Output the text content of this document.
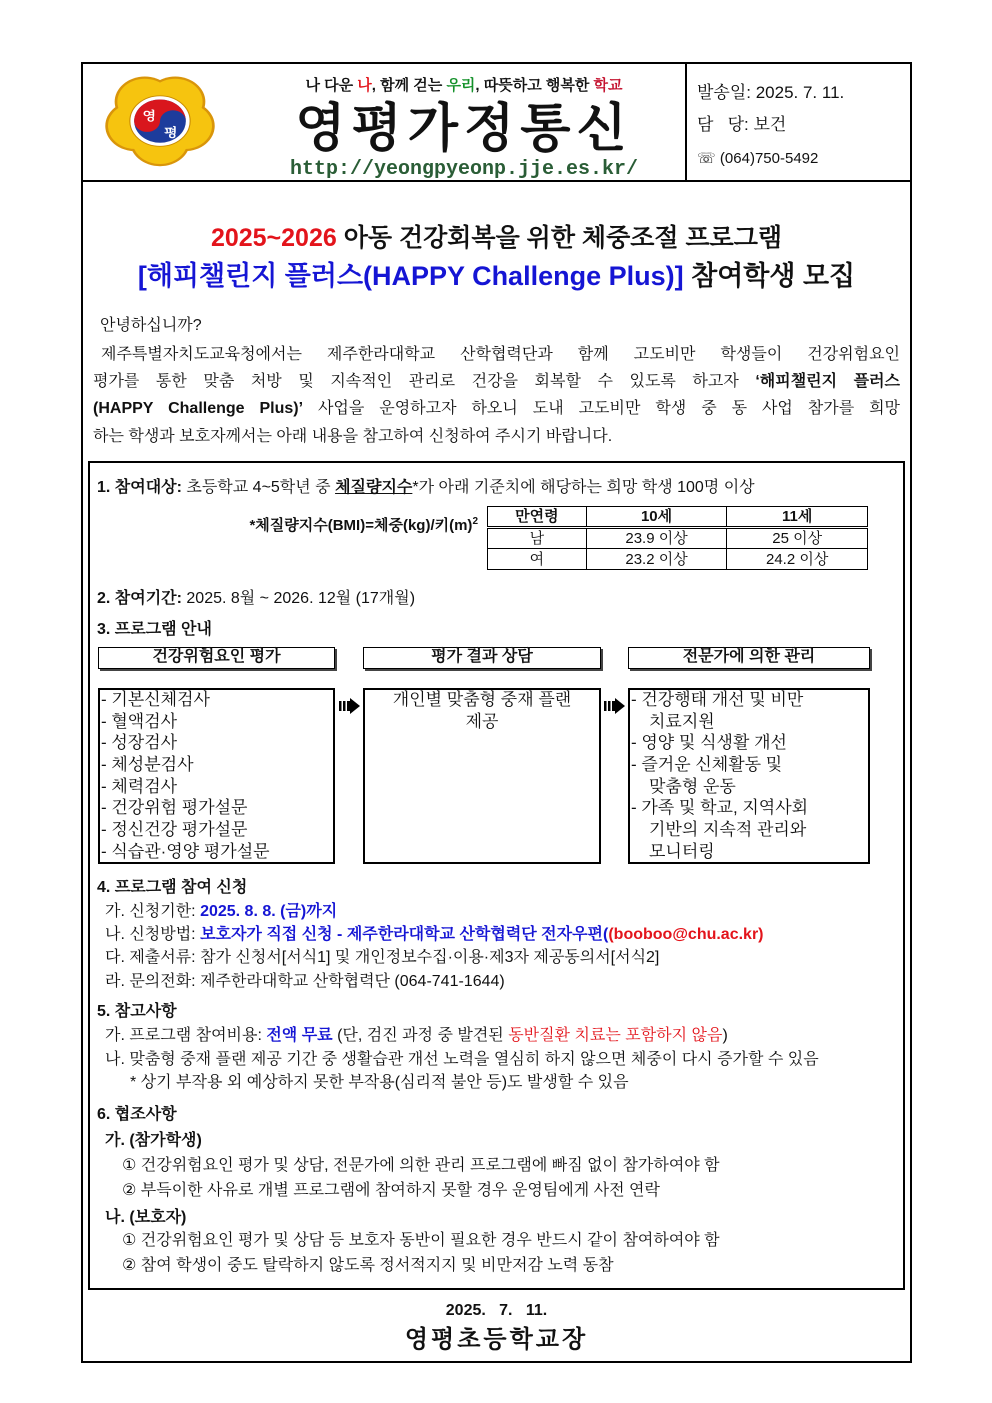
영
평
나 다운 나, 함께 걷는 우리, 따뜻하고 행복한 학교
영평가정통신
http://yeongpyeonp.jje.es.kr/
발송일: 2025. 7. 11.
담   당: 보건
☏ (064)750-5492
2025~2026 아동 건강회복을 위한 체중조절 프로그램
[해피챌린지 플러스(HAPPY Challenge Plus)] 참여학생 모집
안녕하십니까?
제주특별자치도교육청에서는 제주한라대학교 산학협력단과 함께 고도비만 학생들이 건강위험요인
평가를 통한 맞춤 처방 및 지속적인 관리로 건강을 회복할 수 있도록 하고자 ‘해피챌린지 플러스
(HAPPY Challenge Plus)’ 사업을 운영하고자 하오니 도내 고도비만 학생 중 동 사업 참가를 희망
하는 학생과 보호자께서는 아래 내용을 참고하여 신청하여 주시기 바랍니다.
1. 참여대상: 초등학교 4~5학년 중 체질량지수*가 아래 기준치에 해당하는 희망 학생 100명 이상
*체질량지수(BMI)=체중(kg)/키$(m)^2$ 만연령	10세	11세
남	23.9 이상	25 이상
여	23.2 이상	24.2 이상
2. 참여기간: 2025. 8월 ~ 2026. 12월 (17개월)
3. 프로그램 안내
건강위험요인 평가	평가 결과 상담	전문가에 의한 관리
- 기본신체검사
- 혈액검사
- 성장검사
- 체성분검사
- 체력검사
- 건강위험 평가설문
- 정신건강 평가설문
- 식습관·영양 평가설문
개인별 맞춤형 중재 플랜
제공
- 건강행태 개선 및 비만
치료지원
- 영양 및 식생활 개선
- 즐거운 신체활동 및
맞춤형 운동
- 가족 및 학교, 지역사회
기반의 지속적 관리와
모니터링
4. 프로그램 참여 신청
가. 신청기한: 2025. 8. 8. (금)까지
나. 신청방법: 보호자가 직접 신청 - 제주한라대학교 산학협력단 전자우편((booboo@chu.ac.kr)
다. 제출서류: 참가 신청서[서식1] 및 개인정보수집·이용·제3자 제공동의서[서식2]
라. 문의전화: 제주한라대학교 산학협력단 (064-741-1644)
5. 참고사항
가. 프로그램 참여비용: 전액 무료 (단, 검진 과정 중 발견된 동반질환 치료는 포함하지 않음)
나. 맞춤형 중재 플랜 제공 기간 중 생활습관 개선 노력을 열심히 하지 않으면 체중이 다시 증가할 수 있음
* 상기 부작용 외 예상하지 못한 부작용(심리적 불안 등)도 발생할 수 있음
6. 협조사항
가. (참가학생)
① 건강위험요인 평가 및 상담, 전문가에 의한 관리 프로그램에 빠짐 없이 참가하여야 함
② 부득이한 사유로 개별 프로그램에 참여하지 못할 경우 운영팀에게 사전 연락
나. (보호자)
① 건강위험요인 평가 및 상담 등 보호자 동반이 필요한 경우 반드시 같이 참여하여야 함
② 참여 학생이 중도 탈락하지 않도록 정서적지지 및 비만저감 노력 동참
2025.   7.   11.
영평초등학교장
